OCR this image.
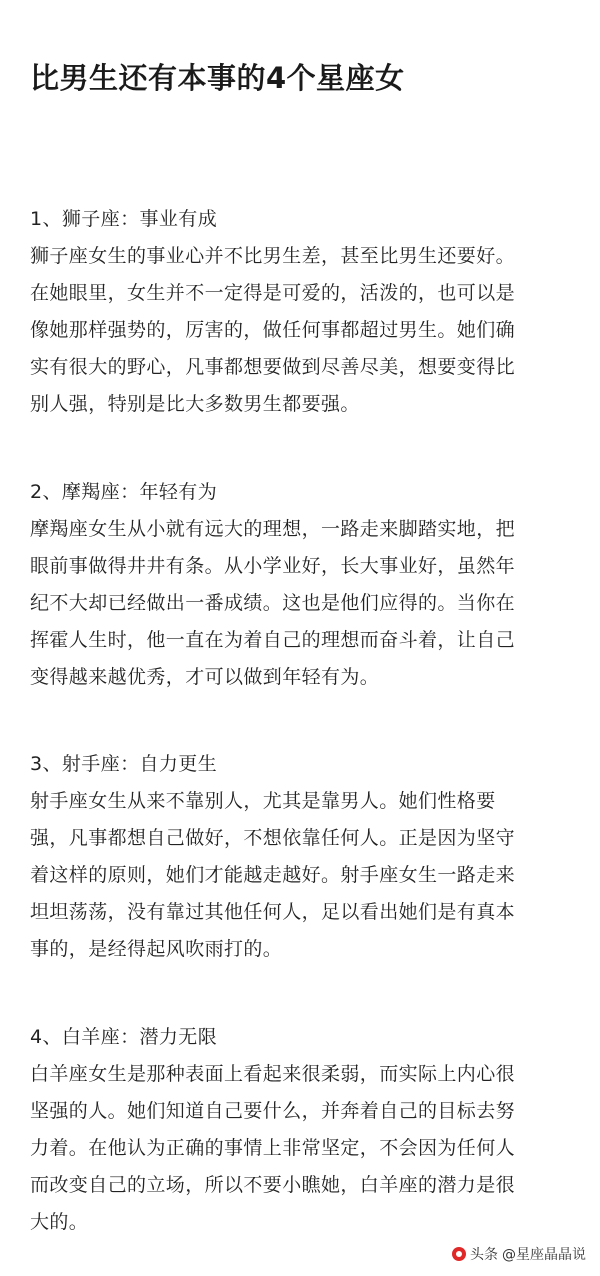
比男生还有本事的4个星座女
1、狮子座：事业有成
狮子座女生的事业心并不比男生差，甚至比男生还要好。
在她眼里，女生并不一定得是可爱的，活泼的，也可以是
像她那样强势的，厉害的，做任何事都超过男生。她们确
实有很大的野心，凡事都想要做到尽善尽美，想要变得比
别人强，特别是比大多数男生都要强。
2、摩羯座：年轻有为
摩羯座女生从小就有远大的理想，一路走来脚踏实地，把
眼前事做得井井有条。从小学业好，长大事业好，虽然年
纪不大却已经做出一番成绩。这也是他们应得的。当你在
挥霍人生时，他一直在为着自己的理想而奋斗着，让自己
变得越来越优秀，才可以做到年轻有为。
3、射手座：自力更生
射手座女生从来不靠别人，尤其是靠男人。她们性格要
强，凡事都想自己做好，不想依靠任何人。正是因为坚守
着这样的原则，她们才能越走越好。射手座女生一路走来
坦坦荡荡，没有靠过其他任何人，足以看出她们是有真本
事的，是经得起风吹雨打的。
4、白羊座：潜力无限
白羊座女生是那种表面上看起来很柔弱，而实际上内心很
坚强的人。她们知道自己要什么，并奔着自己的目标去努
力着。在他认为正确的事情上非常坚定，不会因为任何人
而改变自己的立场，所以不要小瞧她，白羊座的潜力是很
大的。
头条 @星座晶晶说
